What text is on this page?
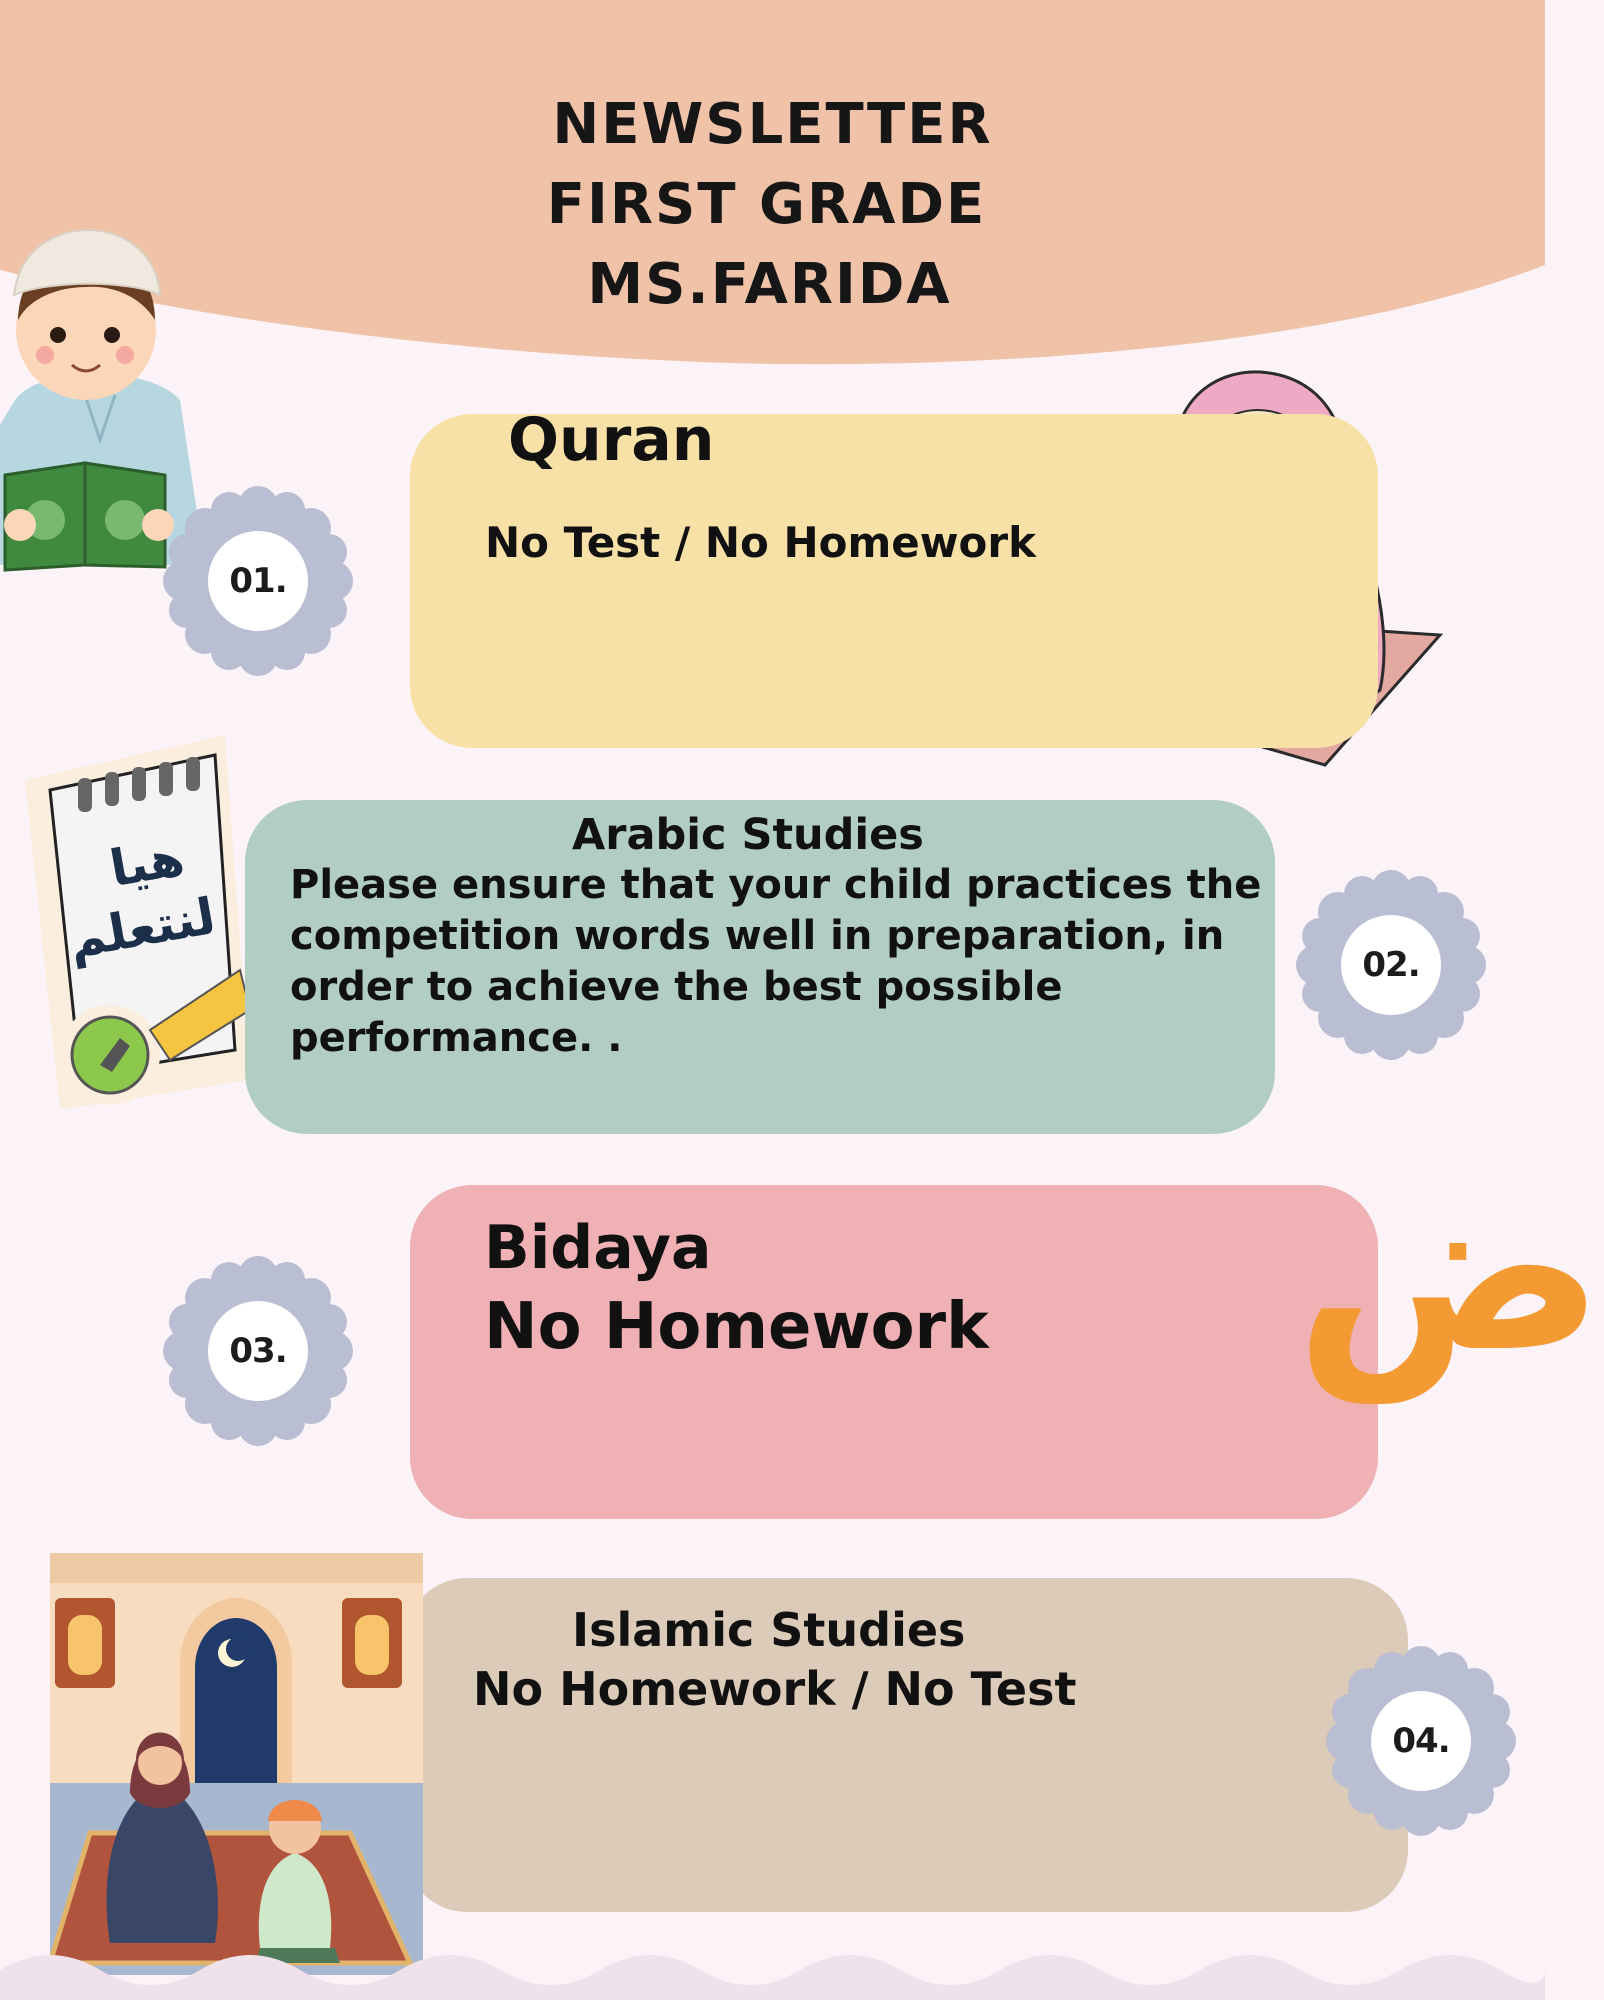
NEWSLETTER
FIRST GRADE
MS.FARIDA
Quran
No Test / No Homework
01.
هيا
لنتعلم
Arabic Studies
Please ensure that your child practices the
competition words well in preparation, in
order to achieve the best possible
performance. .
02.
Bidaya
No Homework ض
03.
Islamic Studies
No Homework / No Test
04.
